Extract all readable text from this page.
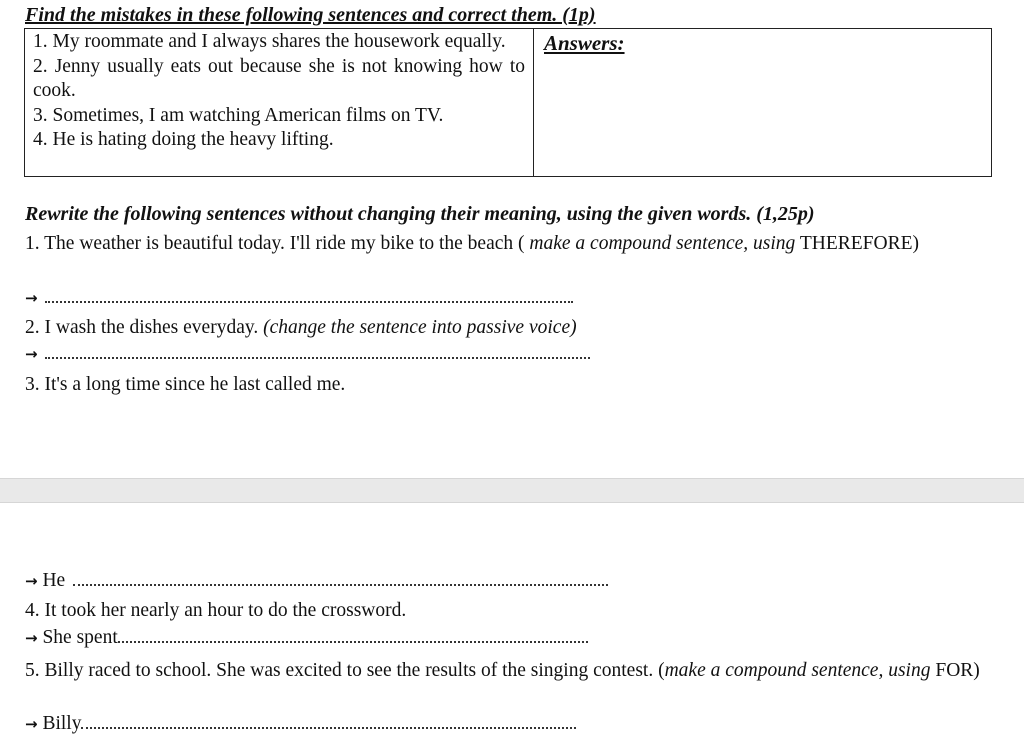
Find the mistakes in these following sentences and correct them. (1p)

1. My roommate and I always shares the housework equally.

2. Jenny usually eats out because she is not knowing how to cook.

3. Sometimes, I am watching American films on TV.

4. He is hating doing the heavy lifting.

Answers:
Rewrite the following sentences without changing their meaning, using the given words. (1,25p)
1. The weather is beautiful today. I'll ride my bike to the beach ( make a compound sentence, using THEREFORE)
→
2. I wash the dishes everyday. (change the sentence into passive voice)
→
3. It's a long time since he last called me.
→ He
4. It took her nearly an hour to do the crossword.
→ She spent
5. Billy raced to school. She was excited to see the results of the singing contest. (make a compound sentence, using FOR)
→ Billy
